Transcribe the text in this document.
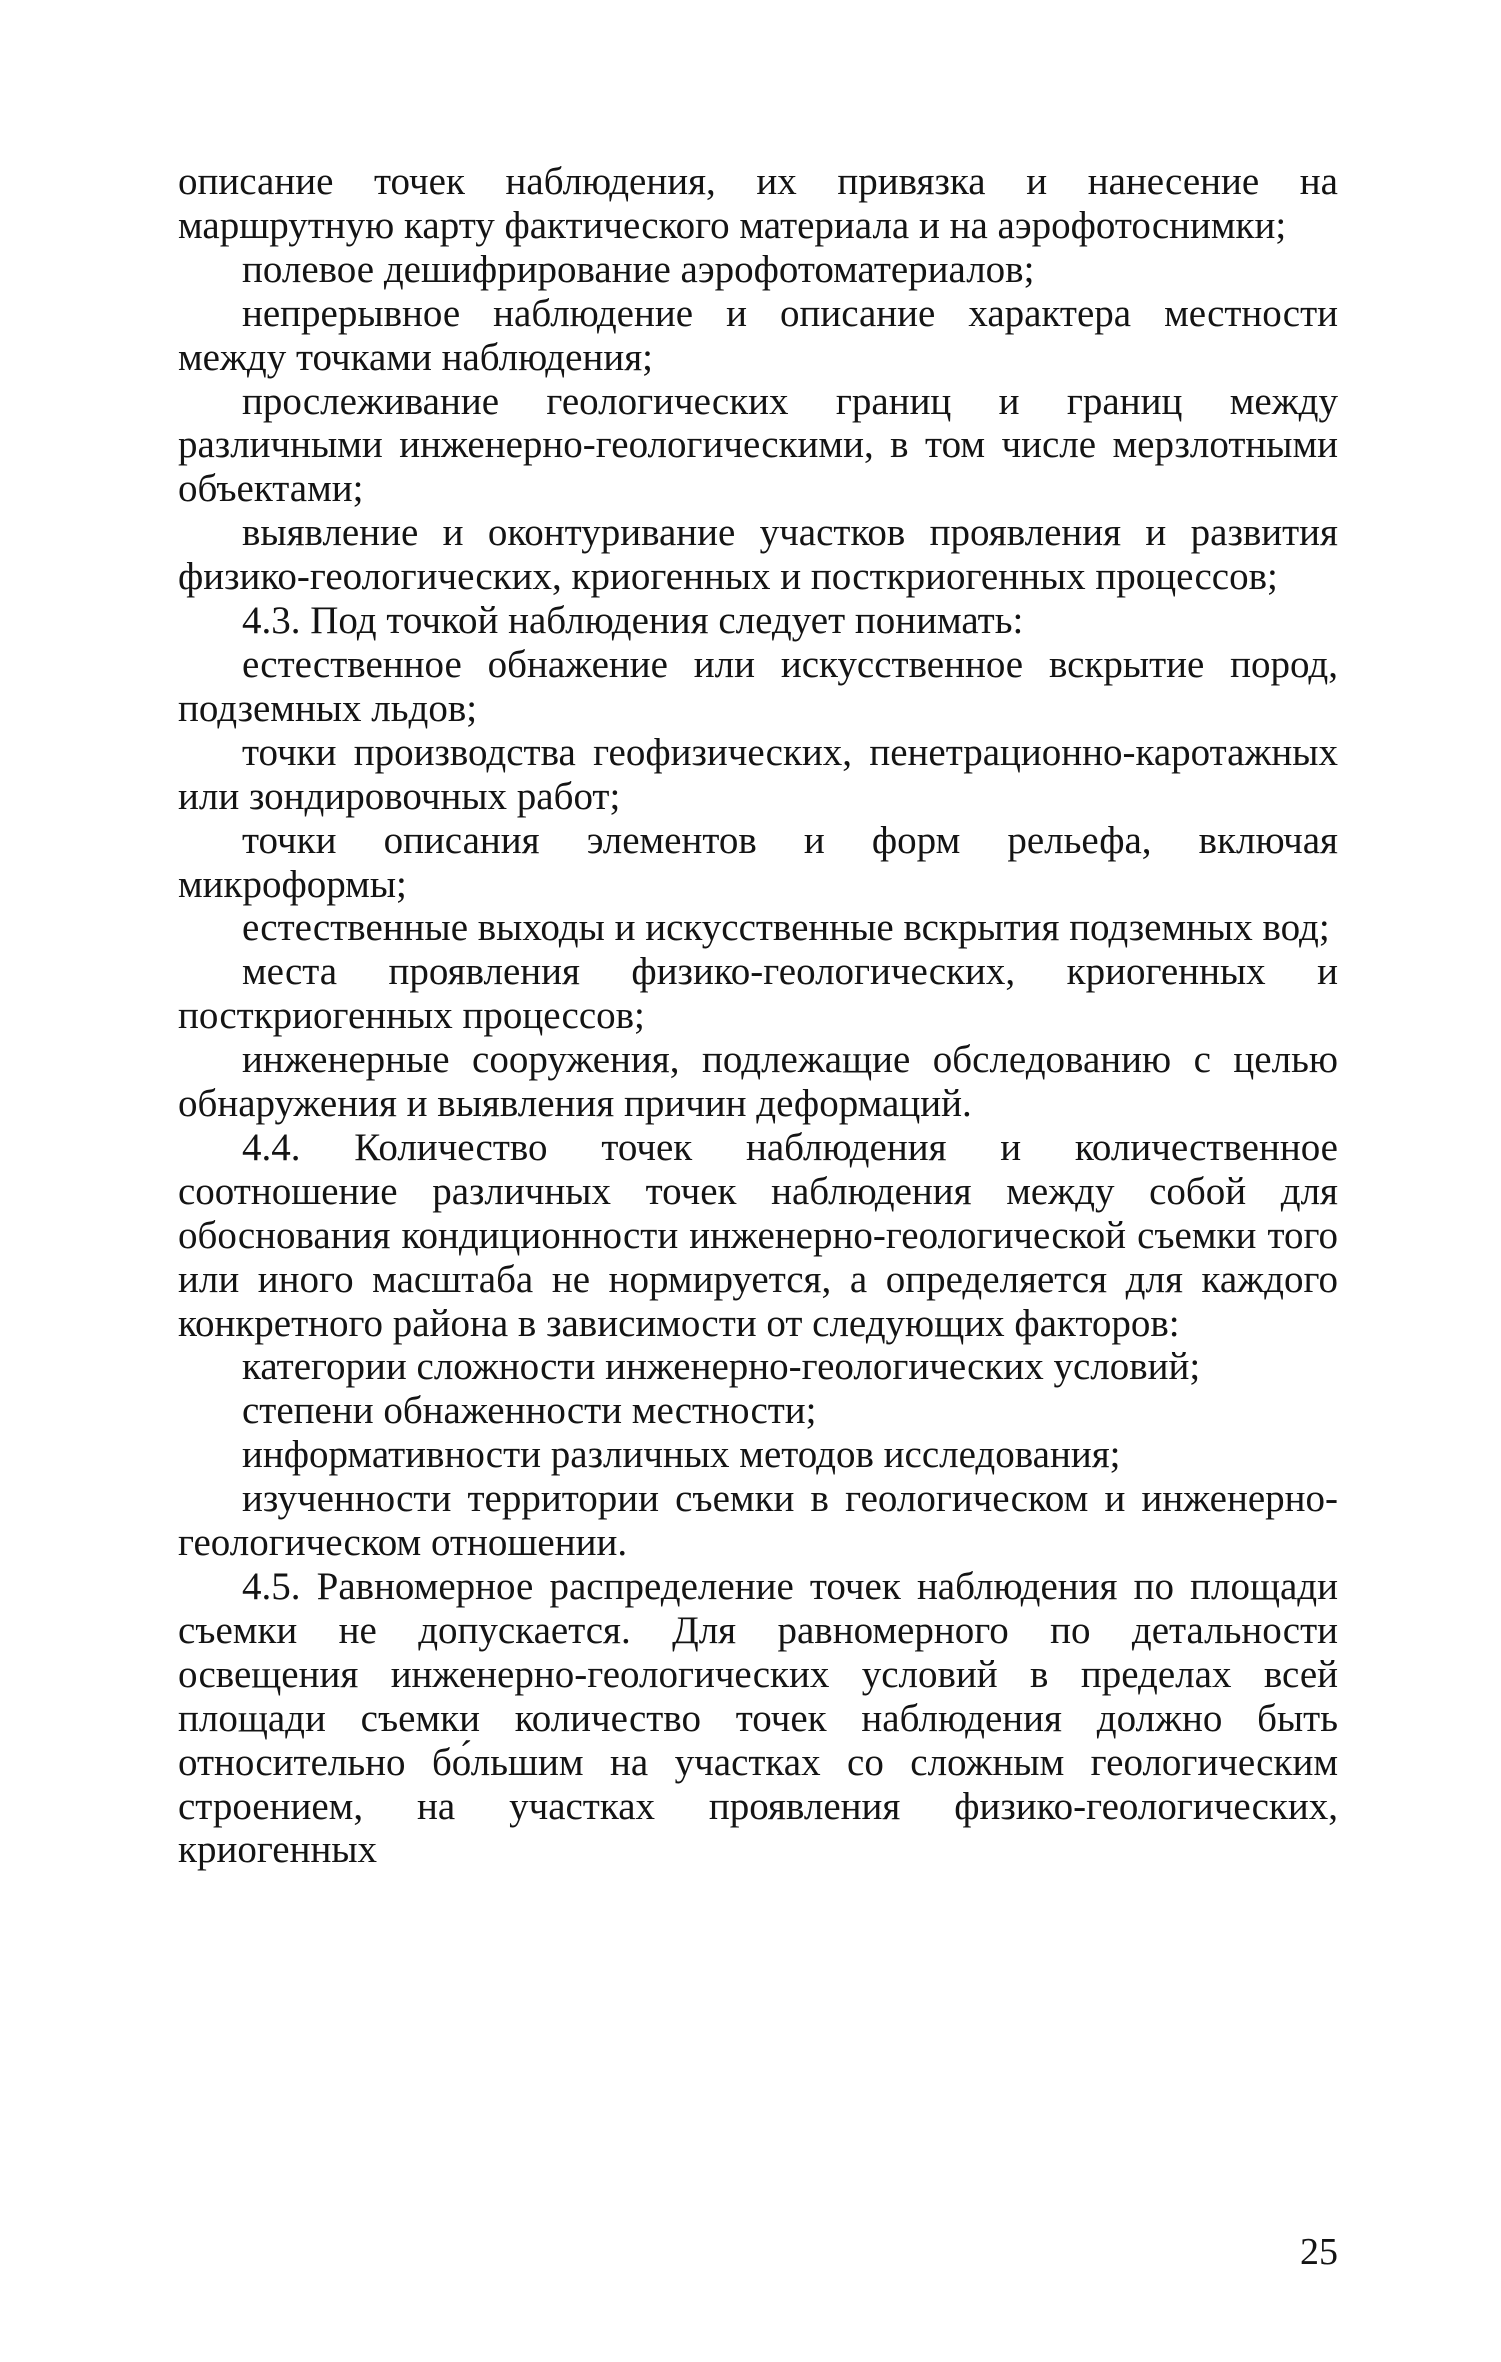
описание точек наблюдения, их привязка и нанесение на маршрутную карту фактического материала и на аэрофотоснимки;

полевое дешифрирование аэрофотоматериалов;

непрерывное наблюдение и описание характера местности между точками наблюдения;

прослеживание геологических границ и границ между различными инженерно-геологическими, в том числе мерзлотными объектами;

выявление и оконтуривание участков проявления и развития физико-геологических, криогенных и посткриогенных процессов;

4.3. Под точкой наблюдения следует понимать:

естественное обнажение или искусственное вскрытие пород, подземных льдов;

точки производства геофизических, пенетрационно-каротажных или зондировочных работ;

точки описания элементов и форм рельефа, включая микроформы;

естественные выходы и искусственные вскрытия подземных вод;

места проявления физико-геологических, криогенных и посткриогенных процессов;

инженерные сооружения, подлежащие обследованию с целью обнаружения и выявления причин деформаций.

4.4. Количество точек наблюдения и количественное соотношение различных точек наблюдения между собой для обоснования кондиционности инженерно-геологической съемки того или иного масштаба не нормируется, а определяется для каждого конкретного района в зависимости от следующих факторов:

категории сложности инженерно-геологических условий;

степени обнаженности местности;

информативности различных методов исследования;

изученности территории съемки в геологическом и инженерно-геологическом отношении.

4.5. Равномерное распределение точек наблюдения по площади съемки не допускается. Для равномерного по детальности освещения инженерно-геологических условий в пределах всей площади съемки количество точек наблюдения должно быть относительно бо́льшим на участках со сложным геологическим строением, на участках проявления физико-геологических, криогенных

25
